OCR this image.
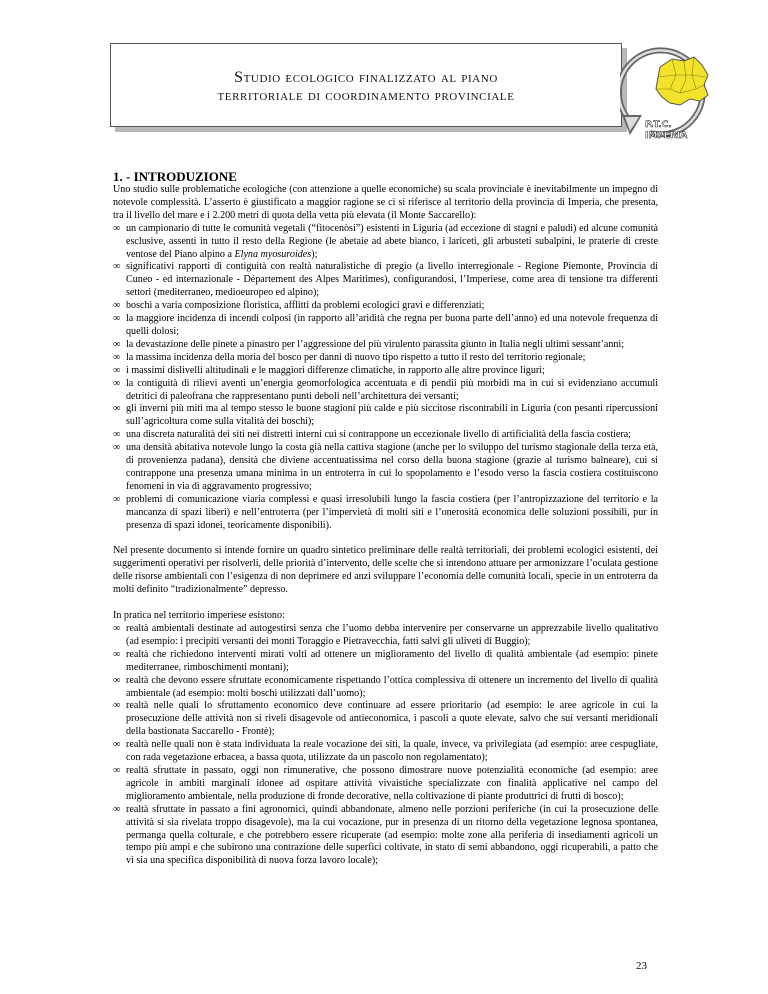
Studio ecologico finalizzato al piano
territoriale di coordinamento provinciale
P.T.C.
IMPERIA
1. - INTRODUZIONE

Uno studio sulle problematiche ecologiche (con attenzione a quelle economiche) su scala provinciale è inevitabilmente un impegno di notevole complessità. L’asserto è giustificato a maggior ragione se ci si riferisce al territorio della provincia di Imperia, che presenta, tra il livello del mare e i 2.200 metri di quota della vetta più elevata (il Monte Saccarello):

∞ un campionario di tutte le comunità vegetali (“fitocenòsi”) esistenti in Liguria (ad eccezione di stagni e paludi) ed alcune comunità esclusive, assenti in tutto il resto della Regione (le abetaie ad abete bianco, i lariceti, gli arbusteti subalpini, le praterie di creste ventose del Piano alpino a Elyna myosuroides);
∞ significativi rapporti di contiguità con realtà naturalistiche di pregio (a livello interregionale - Regione Piemonte, Provincia di Cuneo - ed internazionale - Département des Alpes Maritimes), configurandosi, l’Imperiese, come area di tensione tra differenti settori (mediterraneo, medioeuropeo ed alpino);
∞ boschi a varia composizione floristica, afflitti da problemi ecologici gravi e differenziati;
∞ la maggiore incidenza di incendi colposi (in rapporto all’aridità che regna per buona parte dell’anno) ed una notevole frequenza di quelli dolosi;
∞ la devastazione delle pinete a pinastro per l’aggressione del più virulento parassita giunto in Italia negli ultimi sessant’anni;
∞ la massima incidenza della moria del bosco per danni di nuovo tipo rispetto a tutto il resto del territorio regionale;
∞ i massimi dislivelli altitudinali e le maggiori differenze climatiche, in rapporto alle altre province liguri;
∞ la contiguità di rilievi aventi un’energia geomorfologica accentuata e di pendii più morbidi ma in cui si evidenziano accumuli detritici di paleofrana che rappresentano punti deboli nell’architettura dei versanti;
∞ gli inverni più miti ma al tempo stesso le buone stagioni più calde e più siccitose riscontrabili in Liguria (con pesanti ripercussioni sull’agricoltura come sulla vitalità dei boschi);
∞ una discreta naturalità dei siti nei distretti interni cui si contrappone un eccezionale livello di artificialità della fascia costiera;
∞ una densità abitativa notevole lungo la costa già nella cattiva stagione (anche per lo sviluppo del turismo stagionale della terza età, di provenienza padana), densità che diviene accentuatissima nel corso della buona stagione (grazie al turismo balneare), cui si contrappone una presenza umana minima in un entroterra in cui lo spopolamento e l’esodo verso la fascia costiera costituiscono fenomeni in via di aggravamento progressivo;
∞ problemi di comunicazione viaria complessi e quasi irresolubili lungo la fascia costiera (per l’antropizzazione del territorio e la mancanza di spazi liberi) e nell’entroterra (per l’impervietà di molti siti e l’onerosità economica delle soluzioni possibili, pur in presenza di spazi idonei, teoricamente disponibili).

Nel presente documento si intende fornire un quadro sintetico preliminare delle realtà territoriali, dei problemi ecologici esistenti, dei suggerimenti operativi per risolverli, delle priorità d’intervento, delle scelte che si intendono attuare per armonizzare l’oculata gestione delle risorse ambientali con l’esigenza di non deprimere ed anzi sviluppare l’economia delle comunità locali, specie in un entroterra da molti definito “tradizionalmente” depresso.

In pratica nel territorio imperiese esistono:

∞ realtà ambientali destinate ad autogestirsi senza che l’uomo debba intervenire per conservarne un apprezzabile livello qualitativo (ad esempio: i precipiti versanti dei monti Toraggio e Pietravecchia, fatti salvi gli uliveti di Buggio);
∞ realtà che richiedono interventi mirati volti ad ottenere un miglioramento del livello di qualità ambientale (ad esempio: pinete mediterranee, rimboschimenti montani);
∞ realtà che devono essere sfruttate economicamente rispettando l’ottica complessiva di ottenere un incremento del livello di qualità ambientale (ad esempio: molti boschi utilizzati dall’uomo);
∞ realtà nelle quali lo sfruttamento economico deve continuare ad essere prioritario (ad esempio: le aree agricole in cui la prosecuzione delle attività non si riveli disagevole od antieconomica, i pascoli a quote elevate, salvo che sui versanti meridionali della bastionata Saccarello - Frontè);
∞ realtà nelle quali non è stata individuata la reale vocazione dei siti, la quale, invece, va privilegiata (ad esempio: aree cespugliate, con rada vegetazione erbacea, a bassa quota, utilizzate da un pascolo non regolamentato);
∞ realtà sfruttate in passato, oggi non rimunerative, che possono dimostrare nuove potenzialità economiche (ad esempio: aree agricole in ambiti marginali idonee ad ospitare attività vivaistiche specializzate con finalità applicative nel campo del miglioramento ambientale, nella produzione di fronde decorative, nella coltivazione di piante produttrici di frutti di bosco);
∞ realtà sfruttate in passato a fini agronomici, quindi abbandonate, almeno nelle porzioni periferiche (in cui la prosecuzione delle attività si sia rivelata troppo disagevole), ma la cui vocazione, pur in presenza di un ritorno della vegetazione legnosa spontanea, permanga quella colturale, e che potrebbero essere ricuperate (ad esempio: molte zone alla periferia di insediamenti agricoli un tempo più ampi e che subirono una contrazione delle superfici coltivate, in stato di semi abbandono, oggi ricuperabili, a patto che vi sia una specifica disponibilità di nuova forza lavoro locale);
23
